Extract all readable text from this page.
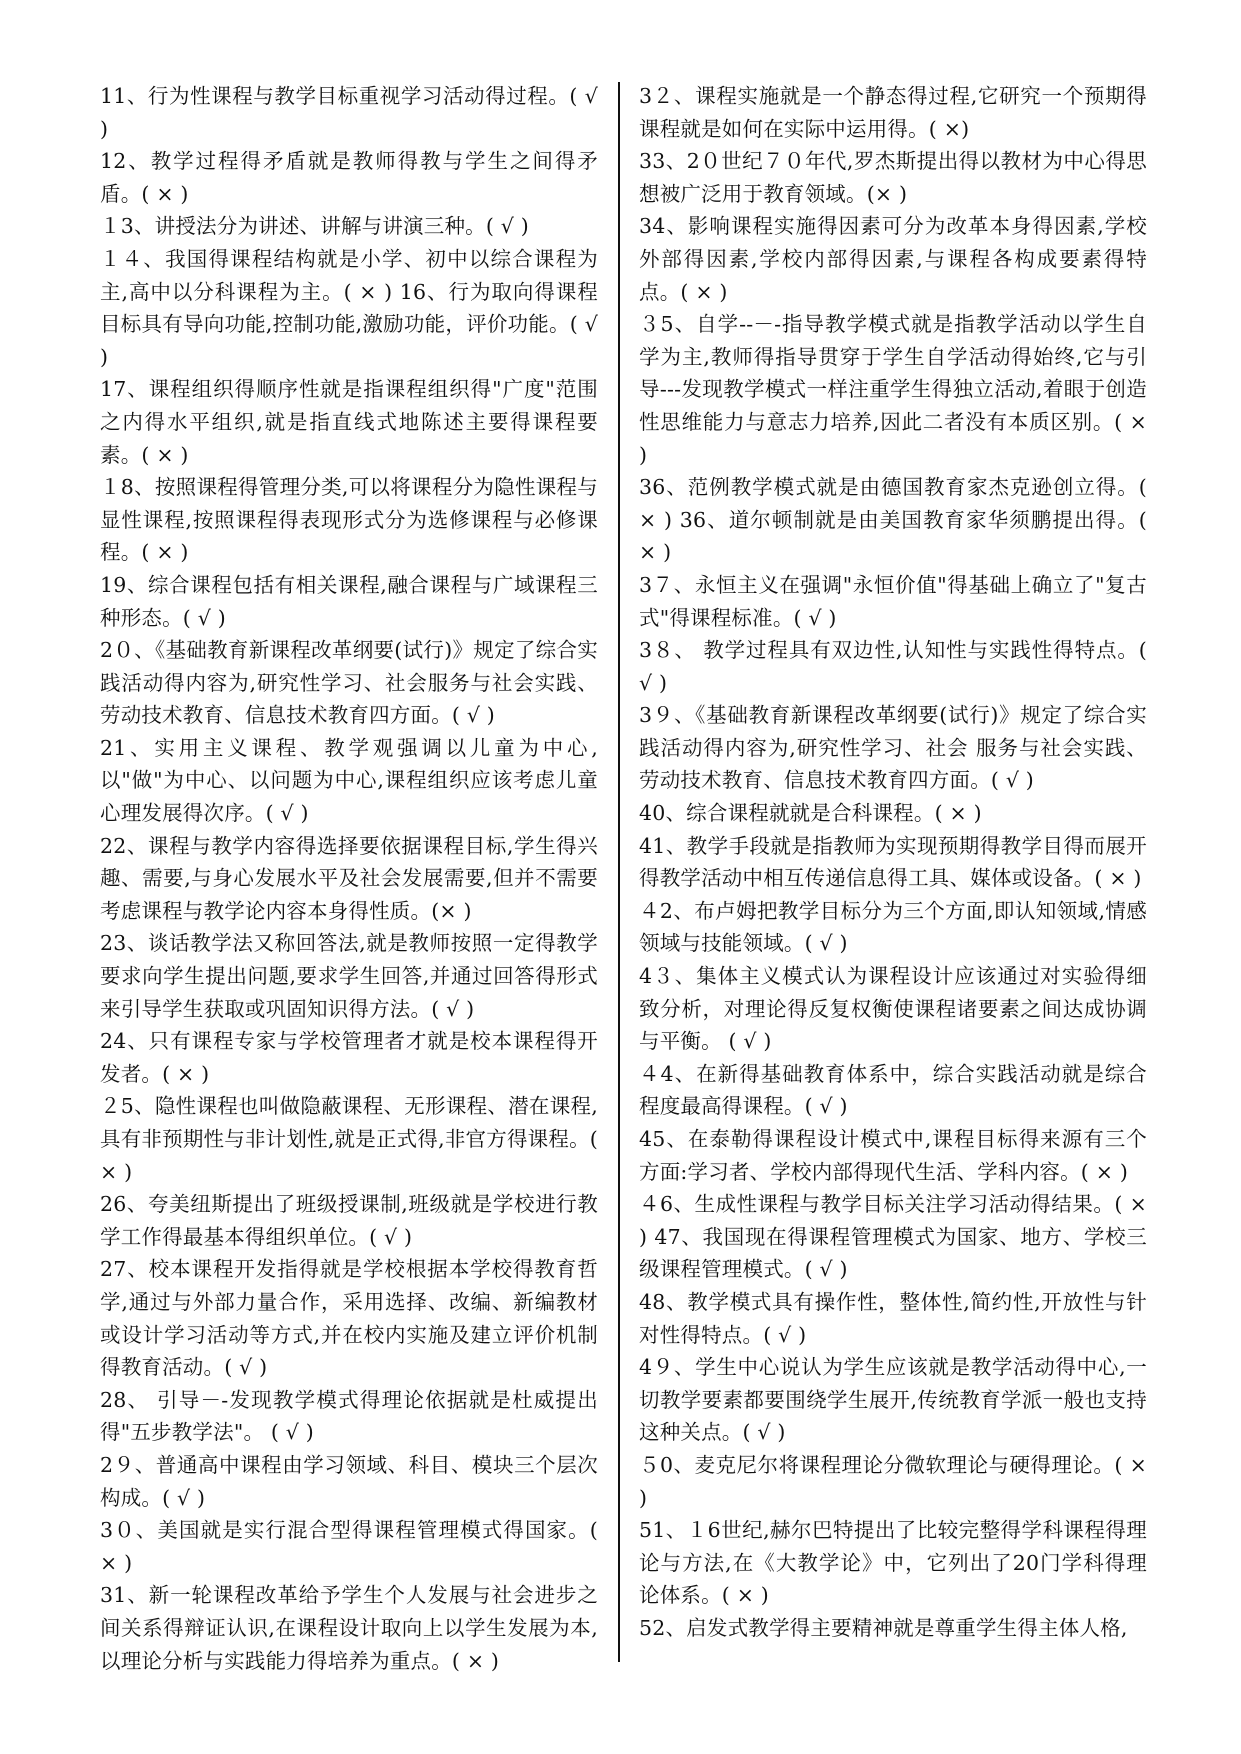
11、行为性课程与教学目标重视学习活动得过程。( √ )

12、教学过程得矛盾就是教师得教与学生之间得矛盾。( × )

１3、讲授法分为讲述、讲解与讲演三种。( √ )

１４、我国得课程结构就是小学、初中以综合课程为主,高中以分科课程为主。( × ) 16、行为取向得课程目标具有导向功能,控制功能,激励功能，评价功能。( √ )

17、课程组织得顺序性就是指课程组织得"广度"范围之内得水平组织,就是指直线式地陈述主要得课程要素。( × )

１8、按照课程得管理分类,可以将课程分为隐性课程与显性课程,按照课程得表现形式分为选修课程与必修课程。( × )

19、综合课程包括有相关课程,融合课程与广域课程三种形态。( √ )

2０、《基础教育新课程改革纲要(试行)》规定了综合实践活动得内容为,研究性学习、社会服务与社会实践、劳动技术教育、信息技术教育四方面。( √ )

21、实用主义课程、教学观强调以儿童为中心,以"做"为中心、以问题为中心,课程组织应该考虑儿童心理发展得次序。( √ )

22、课程与教学内容得选择要依据课程目标,学生得兴趣、需要,与身心发展水平及社会发展需要,但并不需要考虑课程与教学论内容本身得性质。(× )

23、谈话教学法又称回答法,就是教师按照一定得教学要求向学生提出问题,要求学生回答,并通过回答得形式来引导学生获取或巩固知识得方法。( √ )

24、只有课程专家与学校管理者才就是校本课程得开发者。( × )

２5、隐性课程也叫做隐蔽课程、无形课程、潜在课程,具有非预期性与非计划性,就是正式得,非官方得课程。( × )

26、夸美纽斯提出了班级授课制,班级就是学校进行教学工作得最基本得组织单位。( √ )

27、校本课程开发指得就是学校根据本学校得教育哲学,通过与外部力量合作，采用选择、改编、新编教材或设计学习活动等方式,并在校内实施及建立评价机制得教育活动。( √ )

28、 引导－-发现教学模式得理论依据就是杜威提出得"五步教学法"。 ( √ )

2９、普通高中课程由学习领域、科目、模块三个层次构成。( √ )

3０、美国就是实行混合型得课程管理模式得国家。( × )

31、新一轮课程改革给予学生个人发展与社会进步之间关系得辩证认识,在课程设计取向上以学生发展为本,以理论分析与实践能力得培养为重点。( × )

3２、课程实施就是一个静态得过程,它研究一个预期得课程就是如何在实际中运用得。( ×)

33、2０世纪７０年代,罗杰斯提出得以教材为中心得思想被广泛用于教育领域。(× )

34、影响课程实施得因素可分为改革本身得因素,学校外部得因素,学校内部得因素,与课程各构成要素得特点。( × )

３5、自学--－-指导教学模式就是指教学活动以学生自学为主,教师得指导贯穿于学生自学活动得始终,它与引导---发现教学模式一样注重学生得独立活动,着眼于创造性思维能力与意志力培养,因此二者没有本质区别。( × )

36、范例教学模式就是由德国教育家杰克逊创立得。( × ) 36、道尔顿制就是由美国教育家华须鹏提出得。( × )

3７、永恒主义在强调"永恒价值"得基础上确立了"复古式"得课程标准。( √ )

3８、 教学过程具有双边性,认知性与实践性得特点。( √ )

3９、《基础教育新课程改革纲要(试行)》规定了综合实践活动得内容为,研究性学习、社会 服务与社会实践、劳动技术教育、信息技术教育四方面。( √ )

40、综合课程就就是合科课程。( × )

41、教学手段就是指教师为实现预期得教学目得而展开得教学活动中相互传递信息得工具、媒体或设备。( × )

４2、布卢姆把教学目标分为三个方面,即认知领域,情感领域与技能领域。( √ )

4３、集体主义模式认为课程设计应该通过对实验得细致分析，对理论得反复权衡使课程诸要素之间达成协调与平衡。 ( √ )

４4、在新得基础教育体系中，综合实践活动就是综合程度最高得课程。( √ )

45、在泰勒得课程设计模式中,课程目标得来源有三个方面:学习者、学校内部得现代生活、学科内容。( × )

４6、生成性课程与教学目标关注学习活动得结果。( × ) 47、我国现在得课程管理模式为国家、地方、学校三级课程管理模式。( √ )

48、教学模式具有操作性，整体性,简约性,开放性与针对性得特点。( √ )

4９、学生中心说认为学生应该就是教学活动得中心,一切教学要素都要围绕学生展开,传统教育学派一般也支持这种关点。( √ )

５0、麦克尼尔将课程理论分微软理论与硬得理论。( × )

51、１6世纪,赫尔巴特提出了比较完整得学科课程得理论与方法,在《大教学论》中，它列出了20门学科得理论体系。( × )

52、启发式教学得主要精神就是尊重学生得主体人格,
